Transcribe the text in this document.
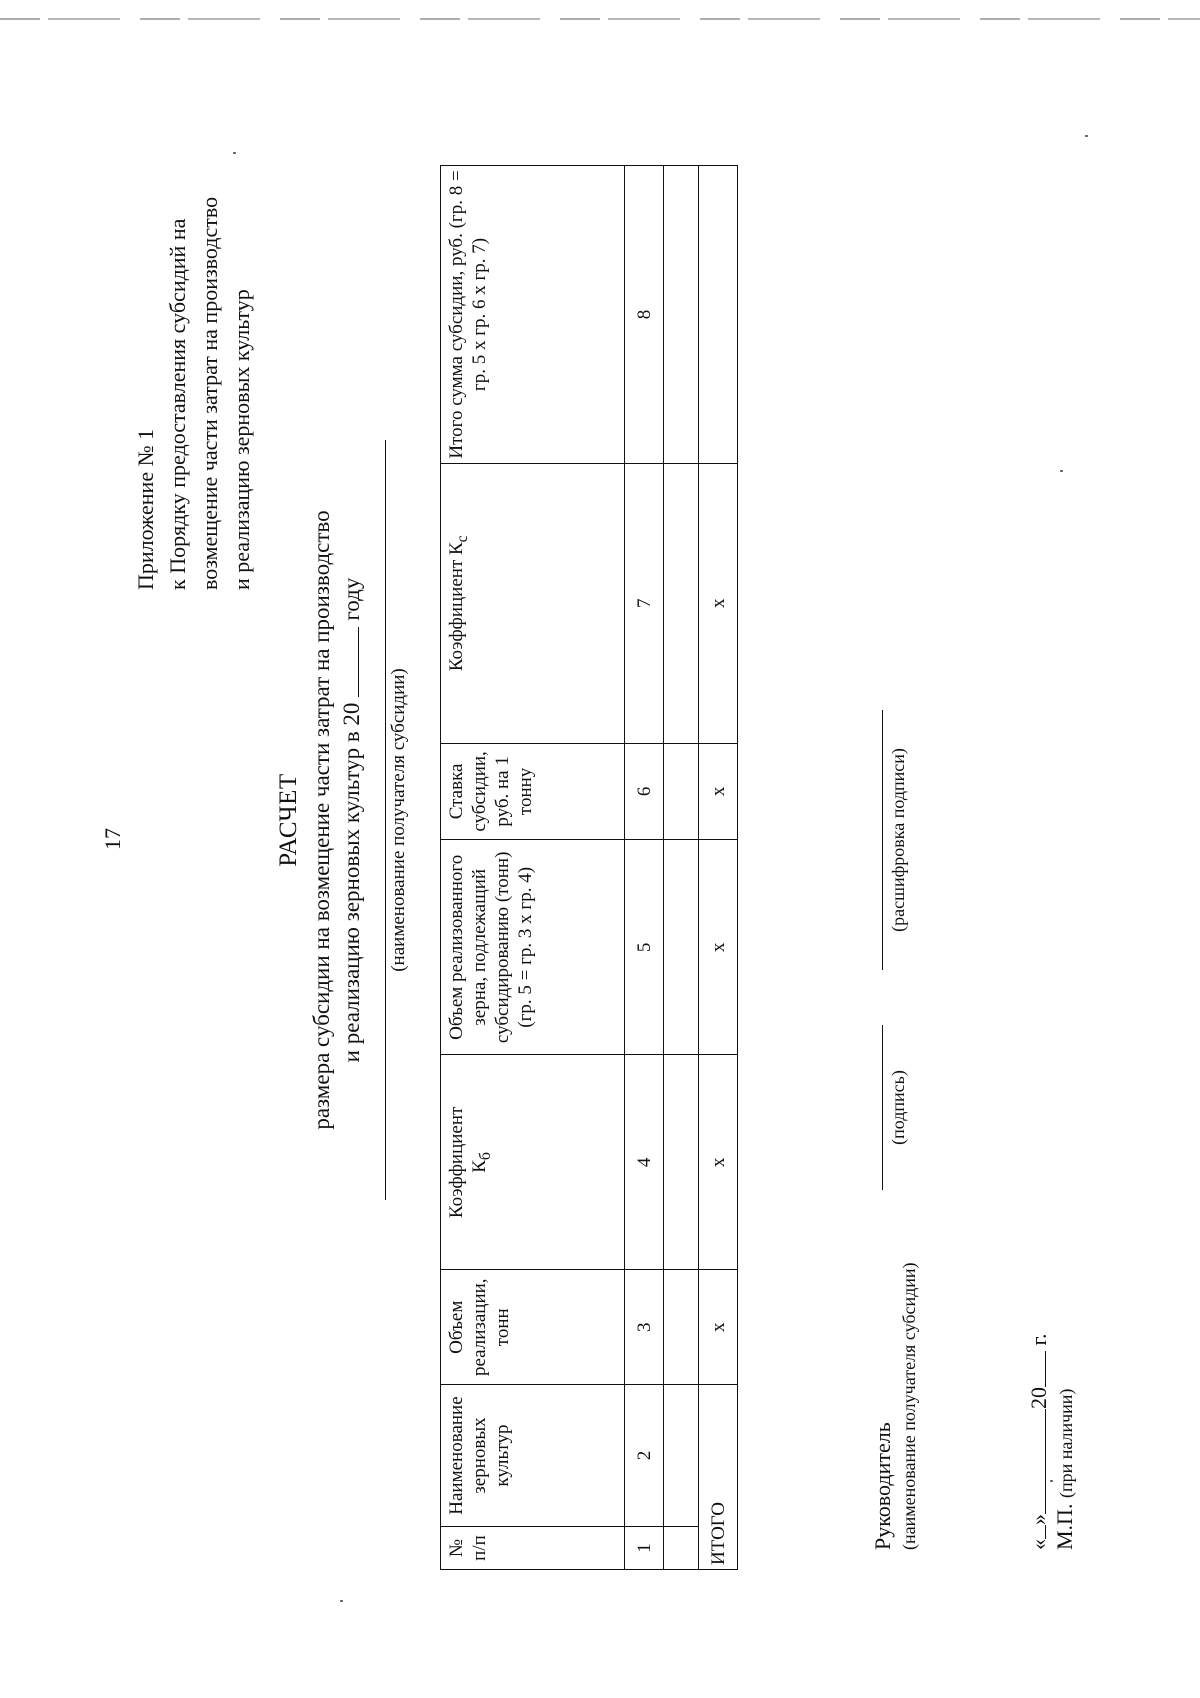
17
Приложение № 1 к Порядку предоставления субсидий на возмещение части затрат на производство и реализацию зерновых культур
РАСЧЕТ размера субсидии на возмещение части затрат на производство и реализацию зерновых культур в 20году
(наименование получателя субсидии)
№ п/п	Наименование зерновых культур	Объем реализации, тонн	Коэффициент $К_б$	Объем реализованного зерна, подлежащий субсидированию (тонн) (гр. 5 = гр. 3 х гр. 4)	Ставка субсидии, руб. на 1 тонну	Коэффициент $К_с$	Итого сумма субсидии, руб. (гр. 8 = гр. 5 х гр. 6 х гр. 7)
1	2	3	4	5	6	7	8

ИТОГО		x	x	x	x	x	
Руководитель (наименование получателя субсидии)
(подпись)
(расшифровка подписи)
«»20 г.
М.П. (при наличии)
